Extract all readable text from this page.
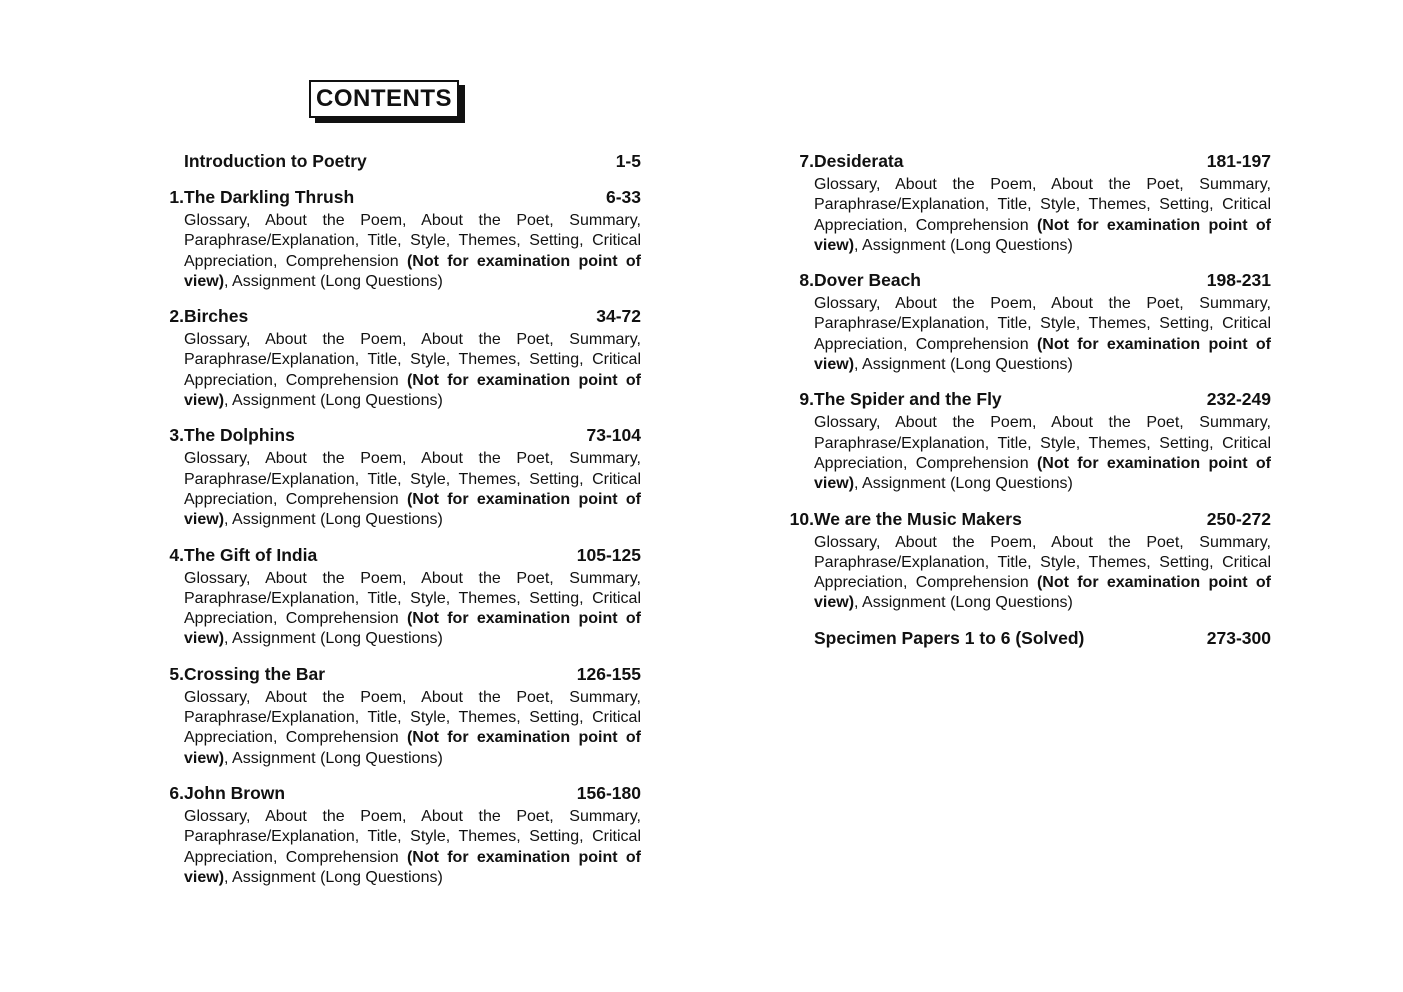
CONTENTS
Introduction to Poetry	1-5
1. The Darkling Thrush	6-33
Glossary, About the Poem, About the Poet, Summary, Paraphrase/Explanation, Title, Style, Themes, Setting, Critical Appreciation, Comprehension (Not for examination point of view), Assignment (Long Questions)
2. Birches	34-72
Glossary, About the Poem, About the Poet, Summary, Paraphrase/Explanation, Title, Style, Themes, Setting, Critical Appreciation, Comprehension (Not for examination point of view), Assignment (Long Questions)
3. The Dolphins	73-104
Glossary, About the Poem, About the Poet, Summary, Paraphrase/Explanation, Title, Style, Themes, Setting, Critical Appreciation, Comprehension (Not for examination point of view), Assignment (Long Questions)
4. The Gift of India	105-125
Glossary, About the Poem, About the Poet, Summary, Paraphrase/Explanation, Title, Style, Themes, Setting, Critical Appreciation, Comprehension (Not for examination point of view), Assignment (Long Questions)
5. Crossing the Bar	126-155
Glossary, About the Poem, About the Poet, Summary, Paraphrase/Explanation, Title, Style, Themes, Setting, Critical Appreciation, Comprehension (Not for examination point of view), Assignment (Long Questions)
6. John Brown	156-180
Glossary, About the Poem, About the Poet, Summary, Paraphrase/Explanation, Title, Style, Themes, Setting, Critical Appreciation, Comprehension (Not for examination point of view), Assignment (Long Questions)
7. Desiderata	181-197
Glossary, About the Poem, About the Poet, Summary, Paraphrase/Explanation, Title, Style, Themes, Setting, Critical Appreciation, Comprehension (Not for examination point of view), Assignment (Long Questions)
8. Dover Beach	198-231
Glossary, About the Poem, About the Poet, Summary, Paraphrase/Explanation, Title, Style, Themes, Setting, Critical Appreciation, Comprehension (Not for examination point of view), Assignment (Long Questions)
9. The Spider and the Fly	232-249
Glossary, About the Poem, About the Poet, Summary, Paraphrase/Explanation, Title, Style, Themes, Setting, Critical Appreciation, Comprehension (Not for examination point of view), Assignment (Long Questions)
10. We are the Music Makers	250-272
Glossary, About the Poem, About the Poet, Summary, Paraphrase/Explanation, Title, Style, Themes, Setting, Critical Appreciation, Comprehension (Not for examination point of view), Assignment (Long Questions)
Specimen Papers 1 to 6 (Solved)	273-300
